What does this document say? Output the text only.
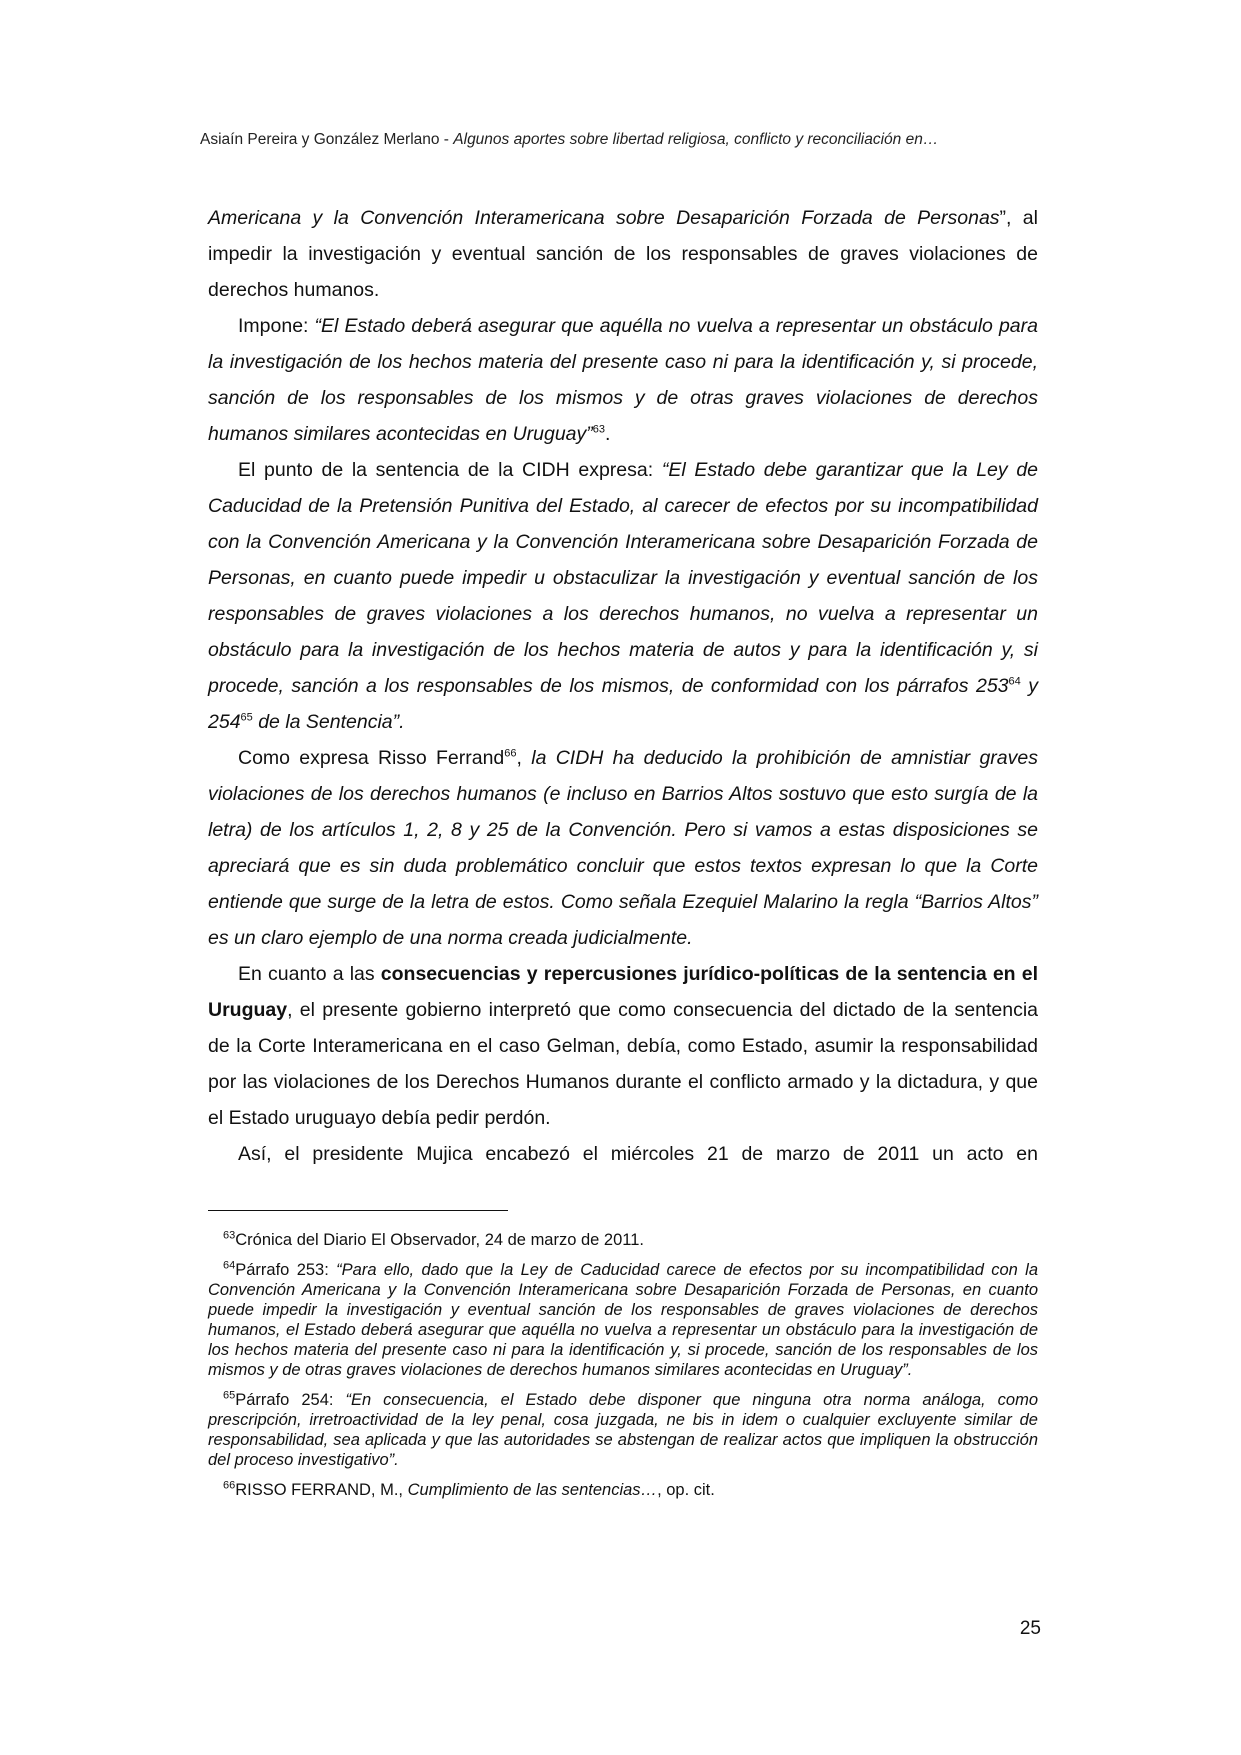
Asiaín Pereira y González Merlano - Algunos aportes sobre libertad religiosa, conflicto y reconciliación en…

Americana y la Convención Interamericana sobre Desaparición Forzada de Personas”, al impedir la investigación y eventual sanción de los responsables de graves violaciones de derechos humanos.

Impone: “El Estado deberá asegurar que aquélla no vuelva a representar un obstáculo para la investigación de los hechos materia del presente caso ni para la identificación y, si procede, sanción de los responsables de los mismos y de otras graves violaciones de derechos humanos similares acontecidas en Uruguay”$^{63}$.

El punto de la sentencia de la CIDH expresa: “El Estado debe garantizar que la Ley de Caducidad de la Pretensión Punitiva del Estado, al carecer de efectos por su incompatibilidad con la Convención Americana y la Convención Interamericana sobre Desaparición Forzada de Personas, en cuanto puede impedir u obstaculizar la investigación y eventual sanción de los responsables de graves violaciones a los derechos humanos, no vuelva a representar un obstáculo para la investigación de los hechos materia de autos y para la identificación y, si procede, sanción a los responsables de los mismos, de conformidad con los párrafos $253^{64}$ y $254^{65}$ de la Sentencia”.

Como expresa Risso Ferrand$^{66}$, la CIDH ha deducido la prohibición de amnistiar graves violaciones de los derechos humanos (e incluso en Barrios Altos sostuvo que esto surgía de la letra) de los artículos 1, 2, 8 y 25 de la Convención. Pero si vamos a estas disposiciones se apreciará que es sin duda problemático concluir que estos textos expresan lo que la Corte entiende que surge de la letra de estos. Como señala Ezequiel Malarino la regla “Barrios Altos” es un claro ejemplo de una norma creada judicialmente.

En cuanto a las consecuencias y repercusiones jurídico-políticas de la sentencia en el Uruguay, el presente gobierno interpretó que como consecuencia del dictado de la sentencia de la Corte Interamericana en el caso Gelman, debía, como Estado, asumir la responsabilidad por las violaciones de los Derechos Humanos durante el conflicto armado y la dictadura, y que el Estado uruguayo debía pedir perdón.

Así, el presidente Mujica encabezó el miércoles 21 de marzo de 2011 un acto en

$^{63}$Crónica del Diario El Observador, 24 de marzo de 2011.

$^{64}$Párrafo 253: “Para ello, dado que la Ley de Caducidad carece de efectos por su incompatibilidad con la Convención Americana y la Convención Interamericana sobre Desaparición Forzada de Personas, en cuanto puede impedir la investigación y eventual sanción de los responsables de graves violaciones de derechos humanos, el Estado deberá asegurar que aquélla no vuelva a representar un obstáculo para la investigación de los hechos materia del presente caso ni para la identificación y, si procede, sanción de los responsables de los mismos y de otras graves violaciones de derechos humanos similares acontecidas en Uruguay”.

$^{65}$Párrafo 254: “En consecuencia, el Estado debe disponer que ninguna otra norma análoga, como prescripción, irretroactividad de la ley penal, cosa juzgada, ne bis in idem o cualquier excluyente similar de responsabilidad, sea aplicada y que las autoridades se abstengan de realizar actos que impliquen la obstrucción del proceso investigativo”.

$^{66}$RISSO FERRAND, M., Cumplimiento de las sentencias…, op. cit.

25
